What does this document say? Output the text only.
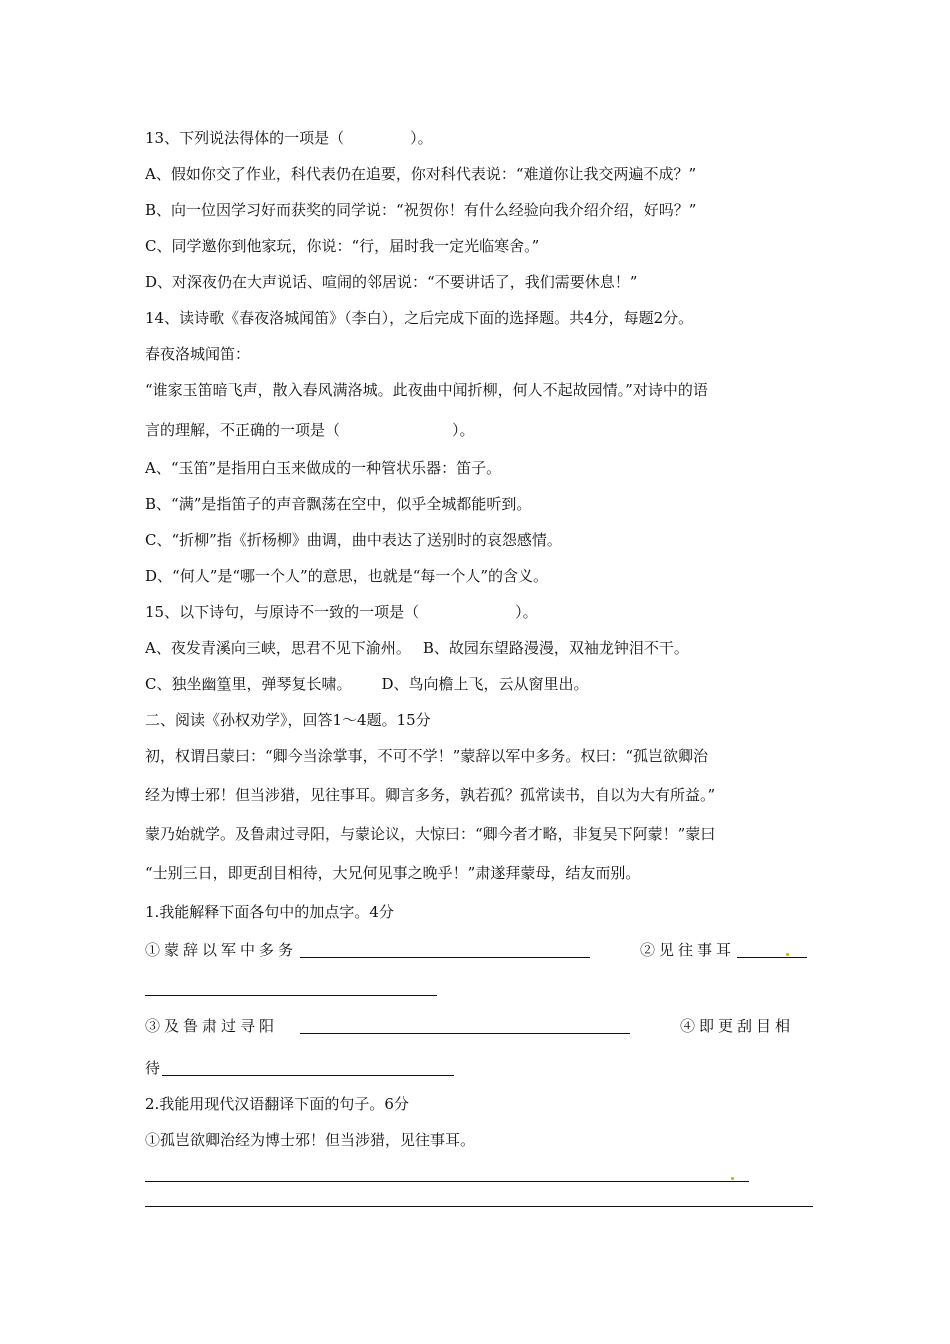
13、下列说法得体的一项是（	）。
A、假如你交了作业，科代表仍在追要，你对科代表说：“难道你让我交两遍不成？”
B、向一位因学习好而获奖的同学说：“祝贺你！有什么经验向我介绍介绍，好吗？”
C、同学邀你到他家玩，你说：“行，届时我一定光临寒舍。”
D、对深夜仍在大声说话、喧闹的邻居说：“不要讲话了，我们需要休息！”
14、读诗歌《春夜洛城闻笛》（李白），之后完成下面的选择题。共4分，每题2分。
春夜洛城闻笛：
“谁家玉笛暗飞声，散入春风满洛城。此夜曲中闻折柳，何人不起故园情。”对诗中的语
言的理解，不正确的一项是（	）。
A、“玉笛”是指用白玉来做成的一种管状乐器：笛子。
B、“满”是指笛子的声音飘荡在空中，似乎全城都能听到。
C、“折柳”指《折杨柳》曲调，曲中表达了送别时的哀怨感情。
D、“何人”是“哪一个人”的意思，也就是“每一个人”的含义。
15、以下诗句，与原诗不一致的一项是（	）。
A、夜发青溪向三峡，思君不见下渝州。 B、故园东望路漫漫，双袖龙钟泪不干。
C、独坐幽篁里，弹琴复长啸。 D、鸟向檐上飞，云从窗里出。
二、阅读《孙权劝学》，回答1～4题。15分
初，权谓吕蒙曰：“卿今当涂掌事，不可不学！”蒙辞以军中多务。权曰：“孤岂欲卿治
经为博士邪！但当涉猎，见往事耳。卿言多务，孰若孤？孤常读书，自以为大有所益。”
蒙乃始就学。及鲁肃过寻阳，与蒙论议，大惊曰：“卿今者才略，非复吴下阿蒙！”蒙曰
“士别三日，即更刮目相待，大兄何见事之晚乎！”肃遂拜蒙母，结友而别。
1.我能解释下面各句中的加点字。4分
①蒙辞以军中多务	②见往事耳
③及鲁肃过寻阳	④即更刮目相
待
2.我能用现代汉语翻译下面的句子。6分
①孤岂欲卿治经为博士邪！但当涉猎，见往事耳。
